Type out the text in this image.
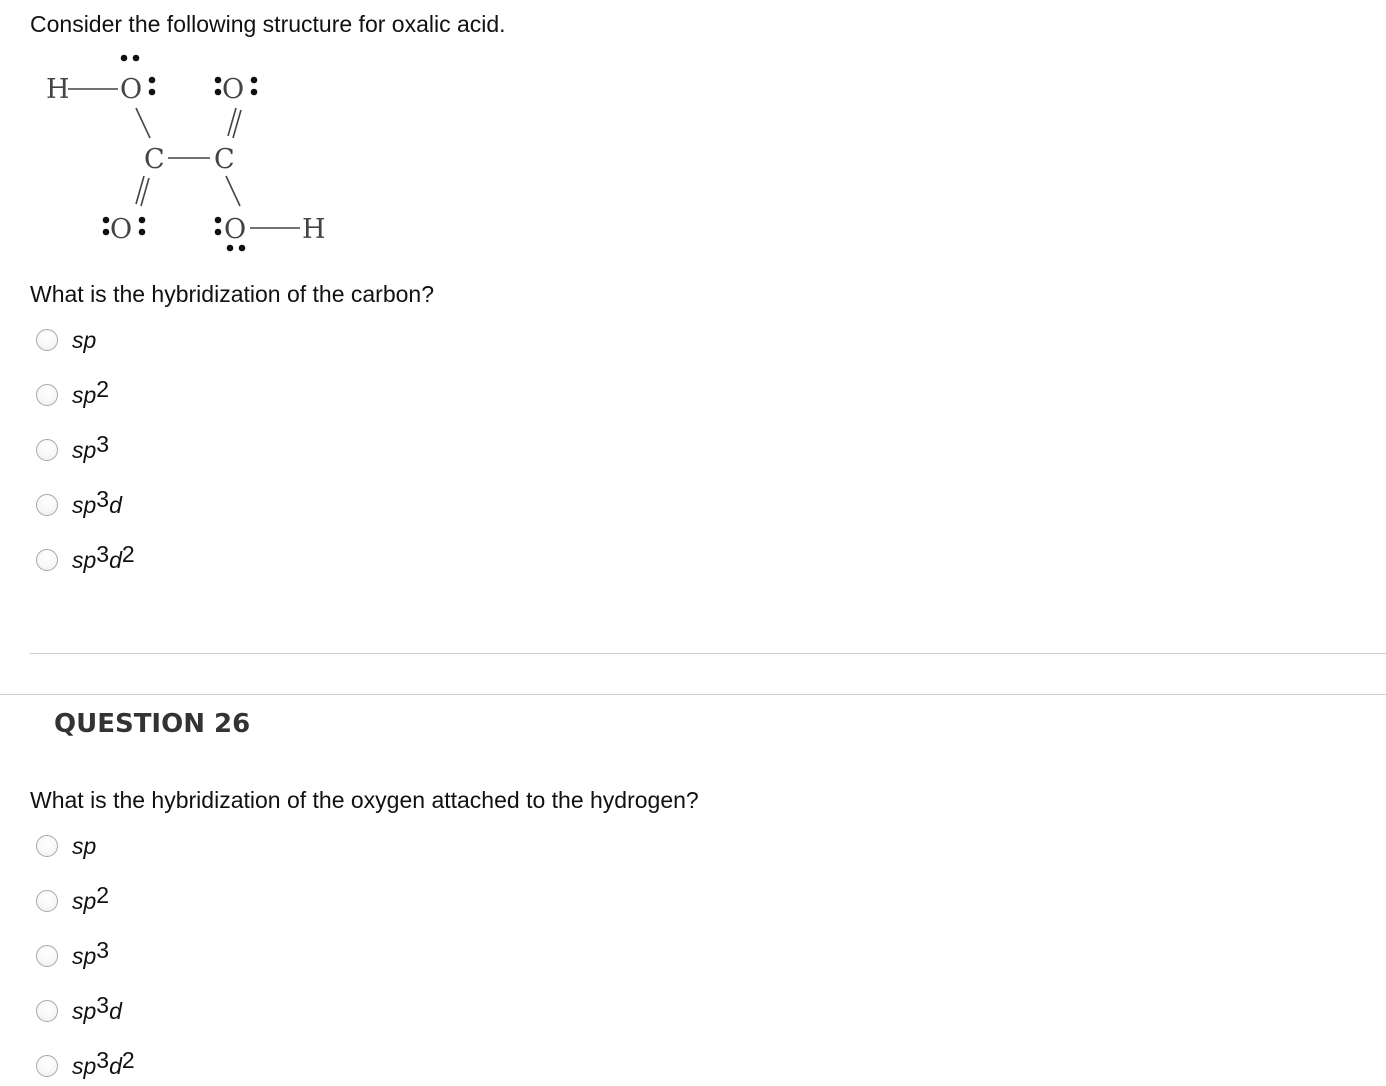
Consider the following structure for oxalic acid.
H O	O
C C
O	O H
What is the hybridization of the carbon?
sp
$sp^2$
$sp^3$
$sp^3d$
$sp^3d^2$
QUESTION 26
What is the hybridization of the oxygen attached to the hydrogen?
sp
$sp^2$
$sp^3$
$sp^3d$
$sp^3d^2$
